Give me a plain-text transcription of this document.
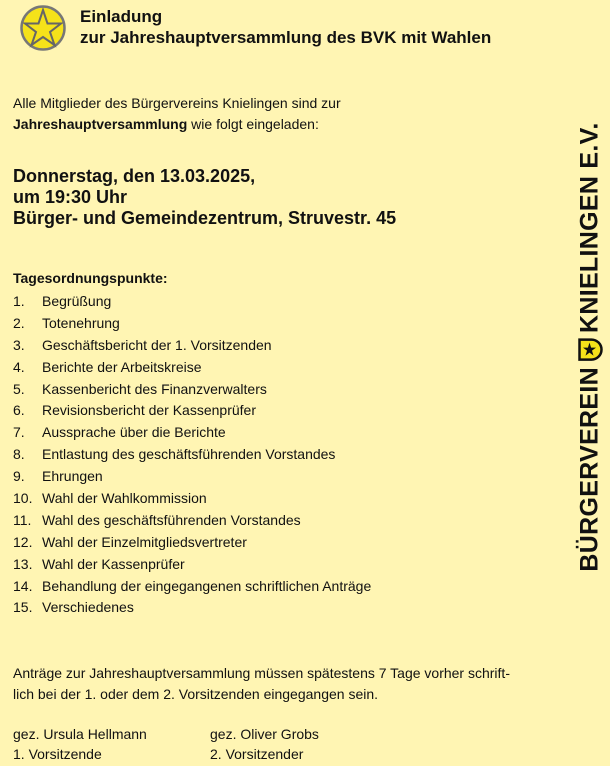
Einladung
zur Jahreshauptversammlung des BVK mit Wahlen
Alle Mitglieder des Bürgervereins Knielingen sind zur
Jahreshauptversammlung wie folgt eingeladen:
Donnerstag, den 13.03.2025,
um 19:30 Uhr
Bürger- und Gemeindezentrum, Struvestr. 45
Tagesordnungspunkte:
1. Begrüßung
2. Totenehrung
3. Geschäftsbericht der 1. Vorsitzenden
4. Berichte der Arbeitskreise
5. Kassenbericht des Finanzverwalters
6. Revisionsbericht der Kassenprüfer
7. Aussprache über die Berichte
8. Entlastung des geschäftsführenden Vorstandes
9. Ehrungen
10. Wahl der Wahlkommission
11. Wahl des geschäftsführenden Vorstandes
12. Wahl der Einzelmitgliedsvertreter
13. Wahl der Kassenprüfer
14. Behandlung der eingegangenen schriftlichen Anträge
15. Verschiedenes
Anträge zur Jahreshauptversammlung müssen spätestens 7 Tage vorher schrift-
lich bei der 1. oder dem 2. Vorsitzenden eingegangen sein.
gez. Ursula Hellmann
1. Vorsitzende
gez. Oliver Grobs
2. Vorsitzender
BÜRGERVEREIN
KNIELINGEN E.V.
